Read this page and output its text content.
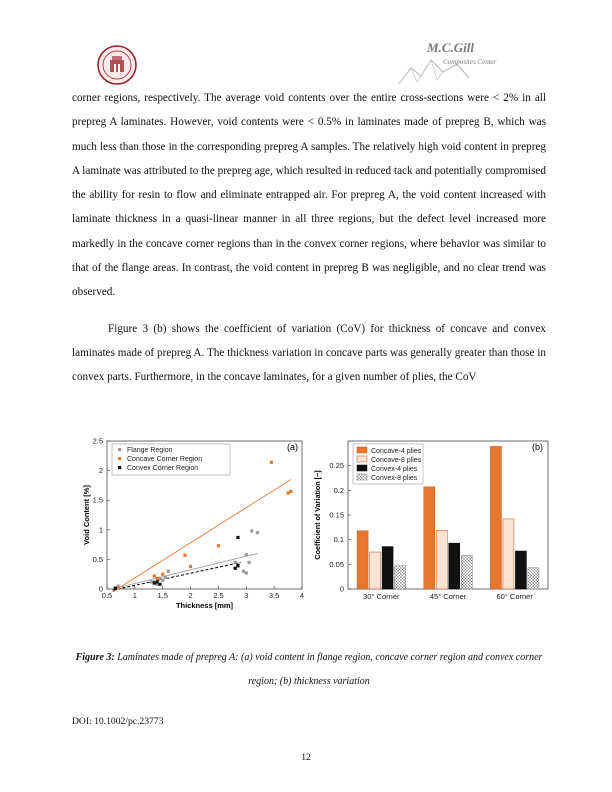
M.C.Gill
Composites Center

corner regions, respectively. The average void contents over the entire cross-sections were < 2% in all prepreg A laminates. However, void contents were < 0.5% in laminates made of prepreg B, which was much less than those in the corresponding prepreg A samples. The relatively high void content in prepreg A laminate was attributed to the prepreg age, which resulted in reduced tack and potentially compromised the ability for resin to flow and eliminate entrapped air. For prepreg A, the void content increased with laminate thickness in a quasi-linear manner in all three regions, but the defect level increased more markedly in the concave corner regions than in the convex corner regions, where behavior was similar to that of the flange areas. In contrast, the void content in prepreg B was negligible, and no clear trend was observed.

Figure 3 (b) shows the coefficient of variation (CoV) for thickness of concave and convex laminates made of prepreg A. The thickness variation in concave parts was generally greater than those in convex parts. Furthermore, in the concave laminates, for a given number of plies, the CoV

0.5	1	1.5	2	2.5	3	3.5	4
0
0.5
1
1.5
2
2.5
Thickness [mm]
Void Content [%]
(a)
Flange Region
Concave Corner Region
Convex Corner Region
0
0.05
0.1
0.15
0.2
0.25
Coefficient of Variation [−]
(b)
30° Corner	45° Corner	60° Corner
Concave-4 plies
Concave-8 plies
Convex-4 plies
Convex-8 plies
Figure 3: Laminates made of prepreg A: (a) void content in flange region, concave corner region and convex corner region; (b) thickness variation
DOI: 10.1002/pc.23773
12
